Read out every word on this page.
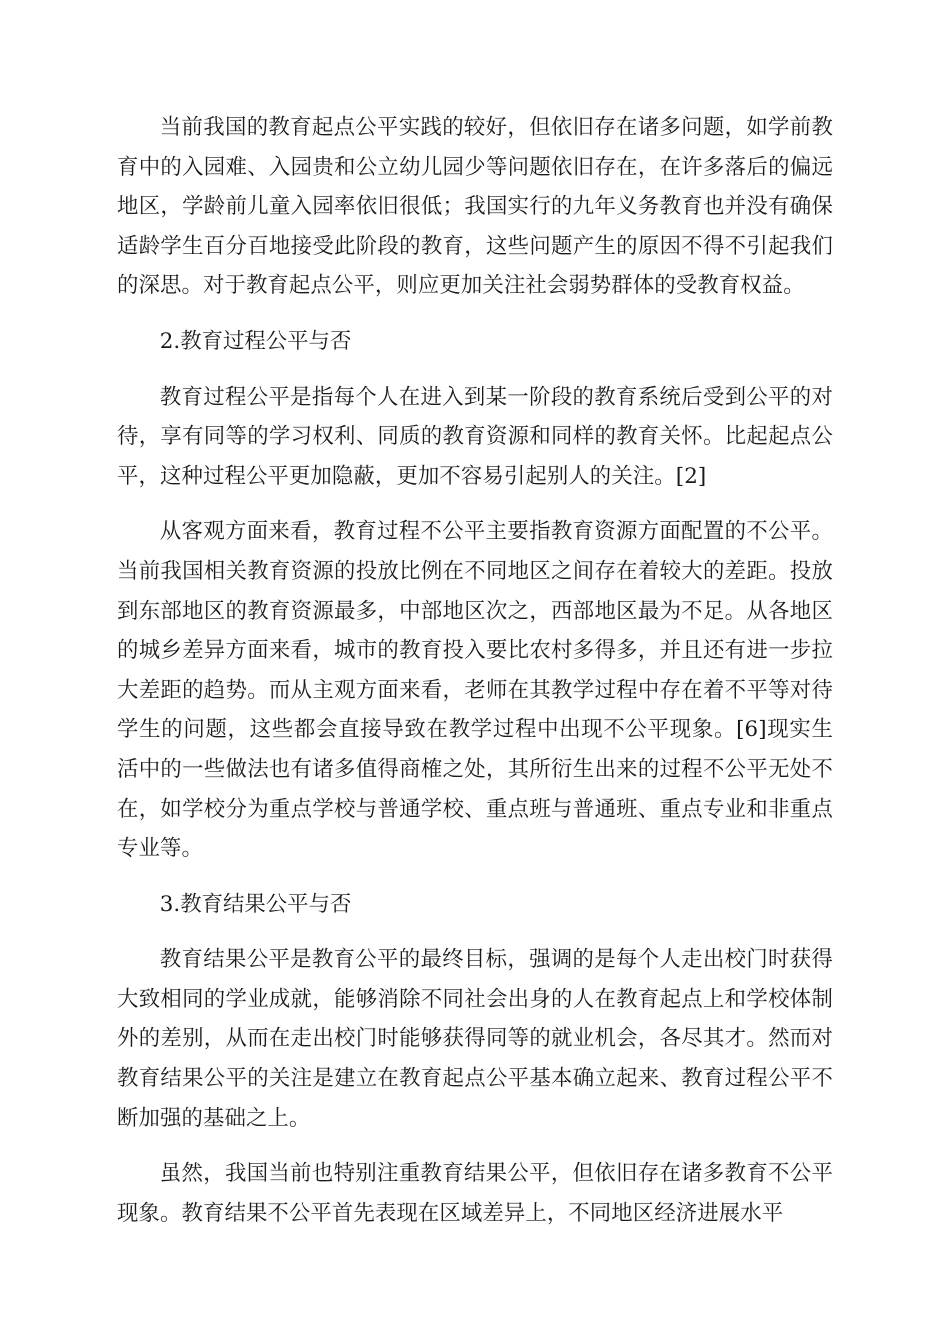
当前我国的教育起点公平实践的较好，但依旧存在诸多问题，如学前教育中的入园难、入园贵和公立幼儿园少等问题依旧存在，在许多落后的偏远地区，学龄前儿童入园率依旧很低；我国实行的九年义务教育也并没有确保适龄学生百分百地接受此阶段的教育，这些问题产生的原因不得不引起我们的深思。对于教育起点公平，则应更加关注社会弱势群体的受教育权益。

2.教育过程公平与否

教育过程公平是指每个人在进入到某一阶段的教育系统后受到公平的对待，享有同等的学习权利、同质的教育资源和同样的教育关怀。比起起点公平，这种过程公平更加隐蔽，更加不容易引起别人的关注。[2]

从客观方面来看，教育过程不公平主要指教育资源方面配置的不公平。当前我国相关教育资源的投放比例在不同地区之间存在着较大的差距。投放到东部地区的教育资源最多，中部地区次之，西部地区最为不足。从各地区的城乡差异方面来看，城市的教育投入要比农村多得多，并且还有进一步拉大差距的趋势。而从主观方面来看，老师在其教学过程中存在着不平等对待学生的问题，这些都会直接导致在教学过程中出现不公平现象。[6]现实生活中的一些做法也有诸多值得商榷之处，其所衍生出来的过程不公平无处不在，如学校分为重点学校与普通学校、重点班与普通班、重点专业和非重点专业等。

3.教育结果公平与否

教育结果公平是教育公平的最终目标，强调的是每个人走出校门时获得大致相同的学业成就，能够消除不同社会出身的人在教育起点上和学校体制外的差别，从而在走出校门时能够获得同等的就业机会，各尽其才。然而对教育结果公平的关注是建立在教育起点公平基本确立起来、教育过程公平不断加强的基础之上。

虽然，我国当前也特别注重教育结果公平，但依旧存在诸多教育不公平现象。教育结果不公平首先表现在区域差异上，不同地区经济进展水平
